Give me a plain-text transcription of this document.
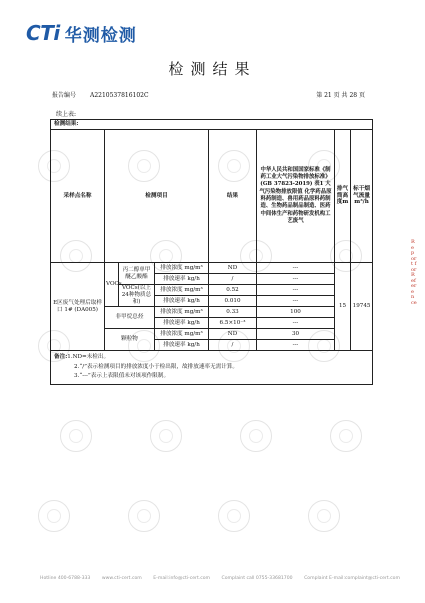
CTi 华测检测
检测结果
报告编号 A2210537816102C	第 21 页 共 28 页
续上表:
检测结果:							
采样点名称	检测项目			结果	中华人民共和国国家标准《制药工业大气污染物排放标准》(GB 37823-2019) 表1 大气污染物排放限值 化学药品原料药制造、兽用药品原料药制造、生物药品制品制造、医药中间体生产和药物研发机构工艺废气	排气筒高度m	标干烟气流量m³/h
E区废气处理后取样口 1# (DA005)	VOCs	丙二醇单甲醚乙酸酯	排放浓度 mg/m³	ND	---	15	19745
			排放速率 kg/h	/	---		
		VOCs(以上24种物质总和)	排放浓度 mg/m³	0.52	---		
			排放速率 kg/h	0.010	---		
	非甲烷总烃		排放浓度 mg/m³	0.33	100		
			排放速率 kg/h	6.5×10⁻³	---		
	颗粒物		排放浓度 mg/m³	ND	30		
			排放速率 kg/h	/	---		

备注:1.ND=未检出。
2.“/”表示检测项目的排放浓度小于检出限，故排放速率无需计算。
3.“---”表示上表限值未对该项作限制。							
Report for Reference
Hotline 400-6788-333	www.cti-cert.com	E-mail:info@cti-cert.com	Complaint call 0755-33681700	Complaint E-mail:complaint@cti-cert.com
